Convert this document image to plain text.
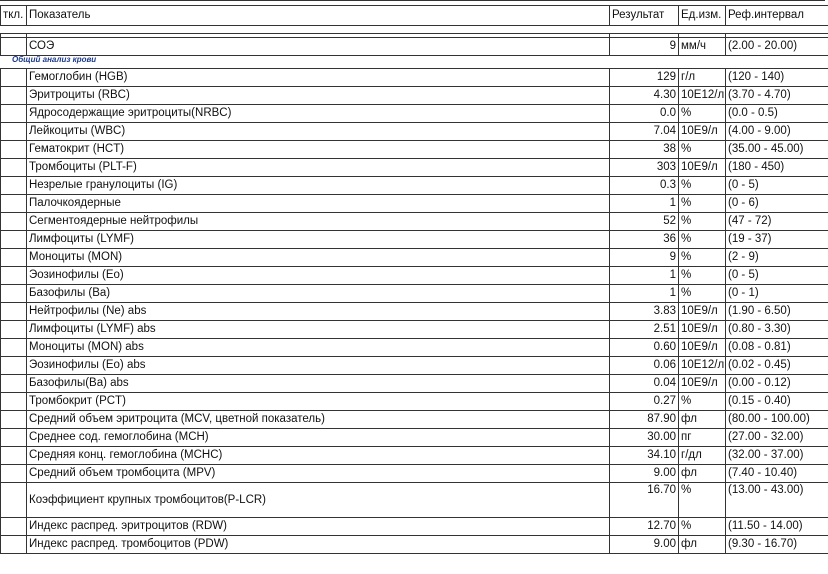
ткл.	Показатель	Результат	Ед.изм.	Реф.интервал

	СОЭ	9	мм/ч	(2.00 - 20.00)
Общий анализ крови
	Гемоглобин (HGB)	129	г/л	(120 - 140)
	Эритроциты (RBC)	4.30	10E12/л	(3.70 - 4.70)
	Ядросодержащие эритроциты(NRBC)	0.0	%	(0.0 - 0.5)
	Лейкоциты (WBC)	7.04	10E9/л	(4.00 - 9.00)
	Гематокрит (HCT)	38	%	(35.00 - 45.00)
	Тромбоциты (PLT-F)	303	10E9/л	(180 - 450)
	Незрелые гранулоциты (IG)	0.3	%	(0 - 5)
	Палочкоядерные	1	%	(0 - 6)
	Сегментоядерные нейтрофилы	52	%	(47 - 72)
	Лимфоциты (LYMF)	36	%	(19 - 37)
	Моноциты (MON)	9	%	(2 - 9)
	Эозинофилы (Eo)	1	%	(0 - 5)
	Базофилы (Ba)	1	%	(0 - 1)
	Нейтрофилы (Ne) abs	3.83	10E9/л	(1.90 - 6.50)
	Лимфоциты (LYMF) abs	2.51	10E9/л	(0.80 - 3.30)
	Моноциты (MON) abs	0.60	10E9/л	(0.08 - 0.81)
	Эозинофилы (Eo) abs	0.06	10E12/л	(0.02 - 0.45)
	Базофилы(Ba) abs	0.04	10E9/л	(0.00 - 0.12)
	Тромбокрит (PCT)	0.27	%	(0.15 - 0.40)
	Средний объем эритроцита (MCV, цветной показатель)	87.90	фл	(80.00 - 100.00)
	Среднее сод. гемоглобина (MCH)	30.00	пг	(27.00 - 32.00)
	Средняя конц. гемоглобина (MCHC)	34.10	г/дл	(32.00 - 37.00)
	Средний объем тромбоцита (MPV)	9.00	фл	(7.40 - 10.40)
	Коэффициент крупных тромбоцитов(P-LCR)	16.70	%	(13.00 - 43.00)
	Индекс распред. эритроцитов (RDW)	12.70	%	(11.50 - 14.00)
	Индекс распред. тромбоцитов (PDW)	9.00	фл	(9.30 - 16.70)
